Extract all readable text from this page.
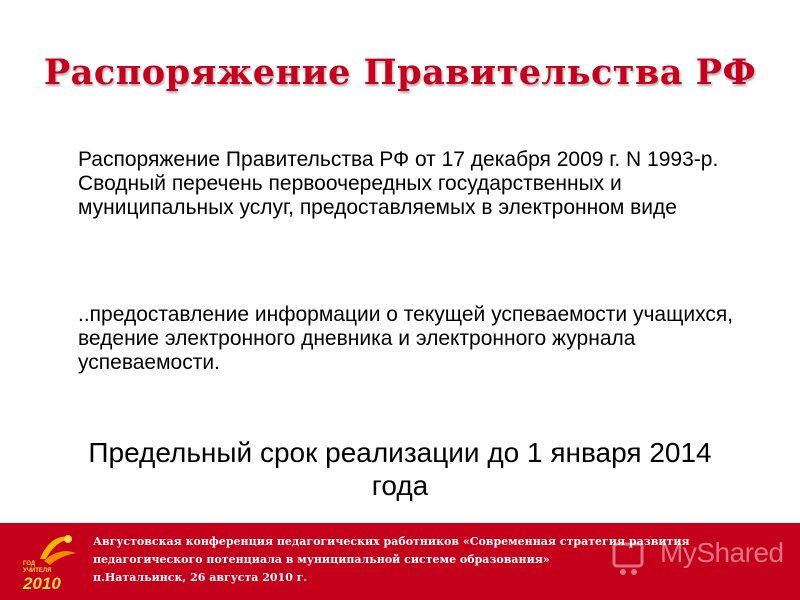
Распоряжение Правительства РФ

Распоряжение Правительства РФ от 17 декабря 2009 г. N 1993-р. Сводный перечень первоочередных государственных и муниципальных услуг, предоставляемых в электронном виде

..предоставление информации о текущей успеваемости учащихся, ведение электронного дневника и электронного журнала успеваемости.

Предельный срок реализации до 1 января 2014 года

ГОД
УЧИТЕЛЯ
2010
Августовская конференция педагогических работников «Современная стратегия развития
педагогического потенциала в муниципальной системе образования»
п.Натальинск, 26 августа 2010 г.
MyShared
